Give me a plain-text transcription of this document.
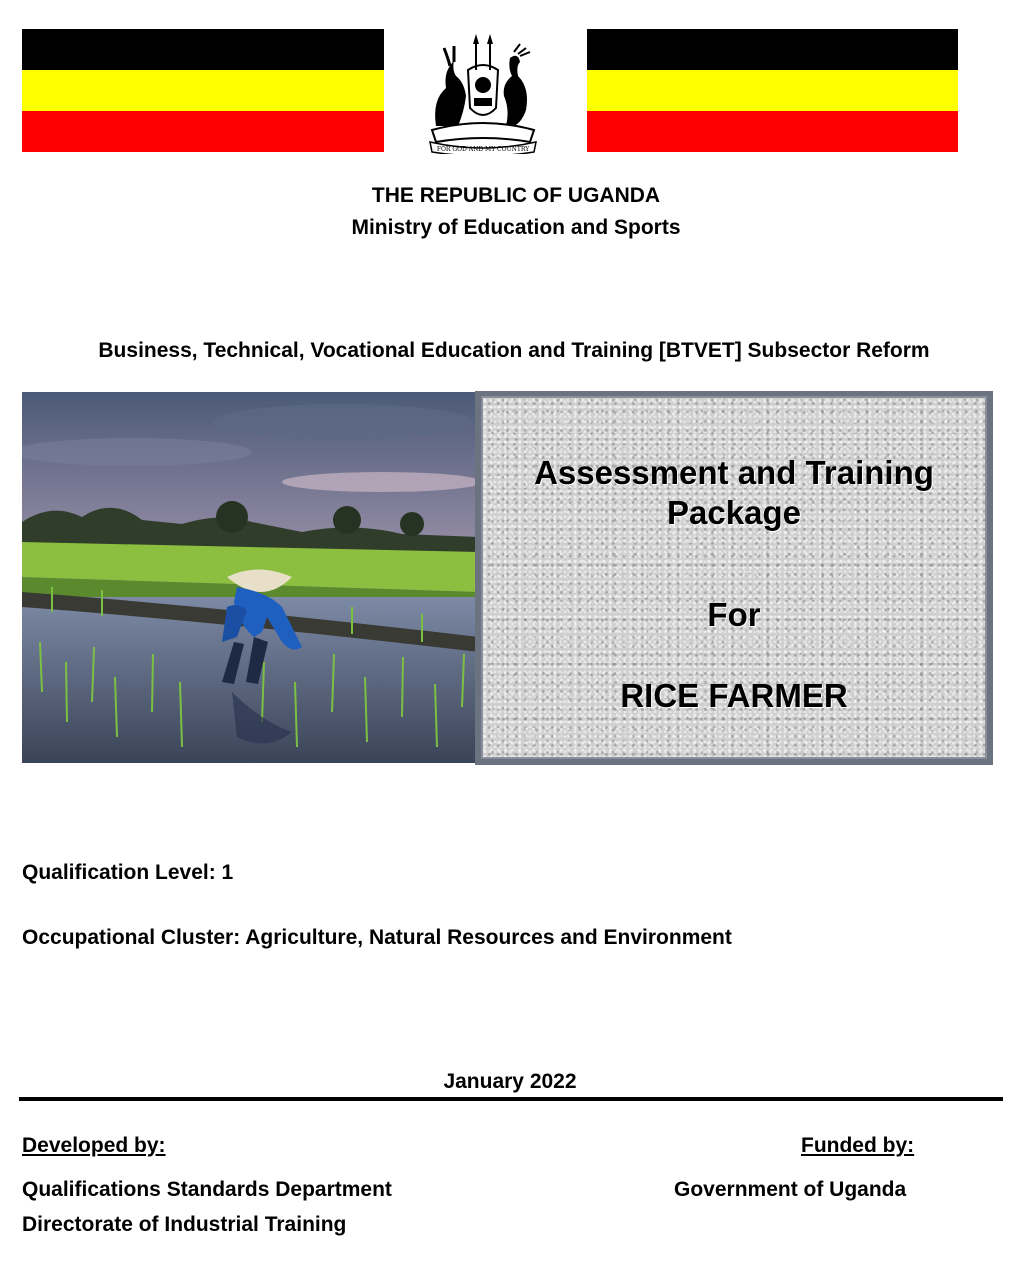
FOR GOD AND MY COUNTRY
THE REPUBLIC OF UGANDA
Ministry of Education and Sports
Business, Technical, Vocational Education and Training [BTVET] Subsector Reform
Assessment and Training
Package
For
RICE FARMER
Qualification Level: 1
Occupational Cluster: Agriculture, Natural Resources and Environment
January 2022
Developed by:
Qualifications Standards Department
Directorate of Industrial Training
Funded by:
Government of Uganda
